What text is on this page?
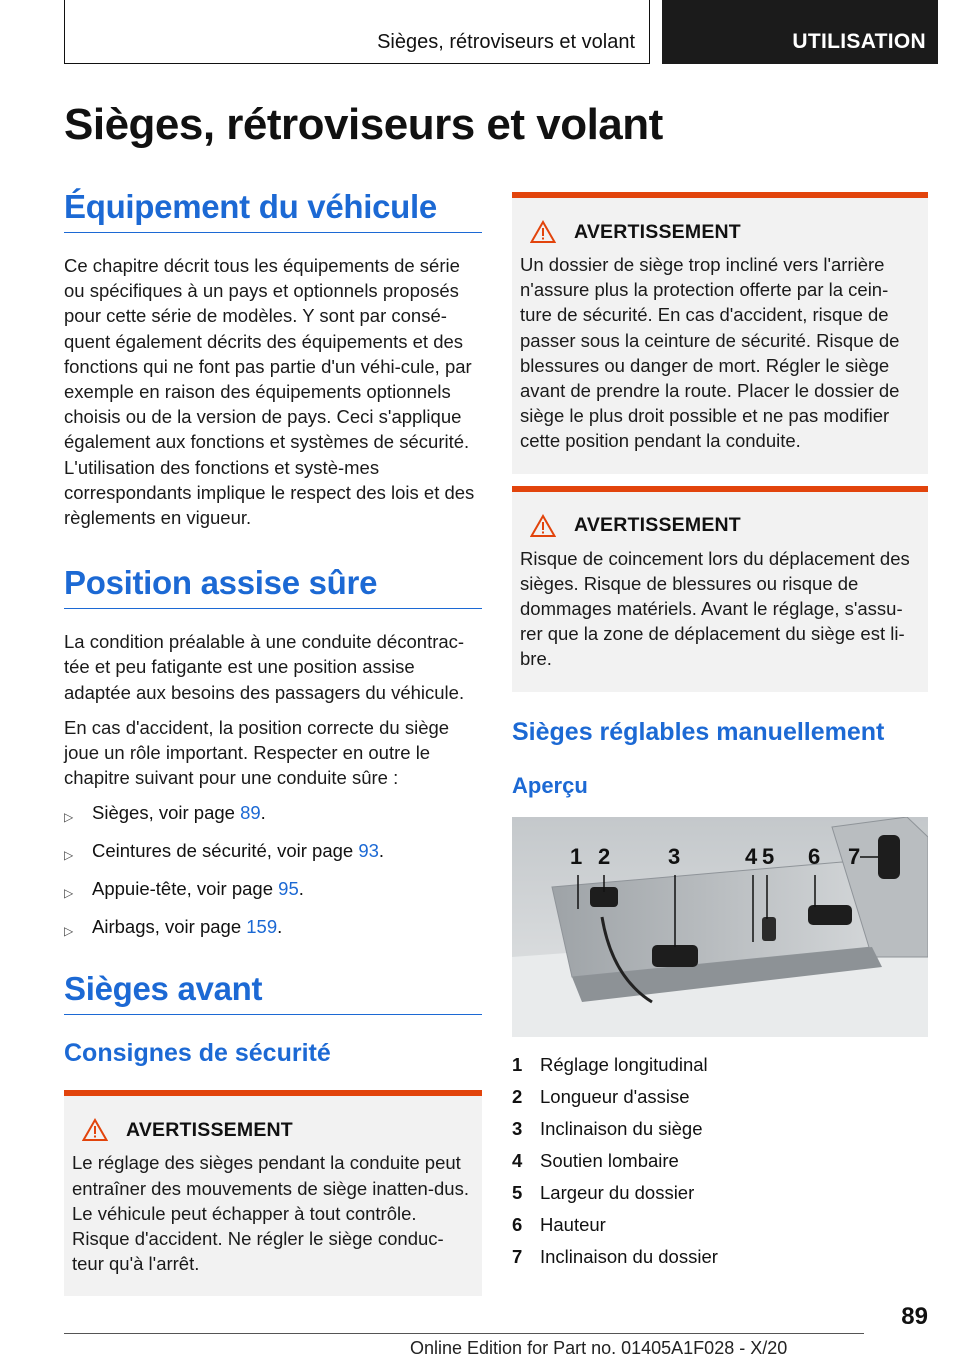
Sièges, rétroviseurs et volant	UTILISATION
Sièges, rétroviseurs et volant
Équipement du véhicule

Ce chapitre décrit tous les équipements de série ou spécifiques à un pays et optionnels proposés pour cette série de modèles. Y sont par consé-quent également décrits des équipements et des fonctions qui ne font pas partie d'un véhi-cule, par exemple en raison des équipements optionnels choisis ou de la version de pays. Ceci s'applique également aux fonctions et systèmes de sécurité. L'utilisation des fonctions et systè-mes correspondants implique le respect des lois et des règlements en vigueur.

Position assise sûre

La condition préalable à une conduite décontrac-tée et peu fatigante est une position assise adaptée aux besoins des passagers du véhicule.

En cas d'accident, la position correcte du siège joue un rôle important. Respecter en outre le chapitre suivant pour une conduite sûre :

▷	Sièges, voir page 89.
▷	Ceintures de sécurité, voir page 93.
▷	Appuie-tête, voir page 95.
▷	Airbags, voir page 159.
Sièges avant
Consignes de sécurité
AVERTISSEMENT

Le réglage des sièges pendant la conduite peut entraîner des mouvements de siège inatten-dus. Le véhicule peut échapper à tout contrôle. Risque d'accident. Ne régler le siège conduc-teur qu'à l'arrêt.

AVERTISSEMENT

Un dossier de siège trop incliné vers l'arrière n'assure plus la protection offerte par la cein-ture de sécurité. En cas d'accident, risque de passer sous la ceinture de sécurité. Risque de blessures ou danger de mort. Régler le siège avant de prendre la route. Placer le dossier de siège le plus droit possible et ne pas modifier cette position pendant la conduite.

AVERTISSEMENT

Risque de coincement lors du déplacement des sièges. Risque de blessures ou risque de dommages matériels. Avant le réglage, s'assu-rer que la zone de déplacement du siège est li-bre.

Sièges réglables manuellement
Aperçu
1 2	3	4 5 6 7
1 Réglage longitudinal
2 Longueur d'assise
3 Inclinaison du siège
4 Soutien lombaire
5 Largeur du dossier
6 Hauteur
7 Inclinaison du dossier
89
Online Edition for Part no. 01405A1F028 - X/20
